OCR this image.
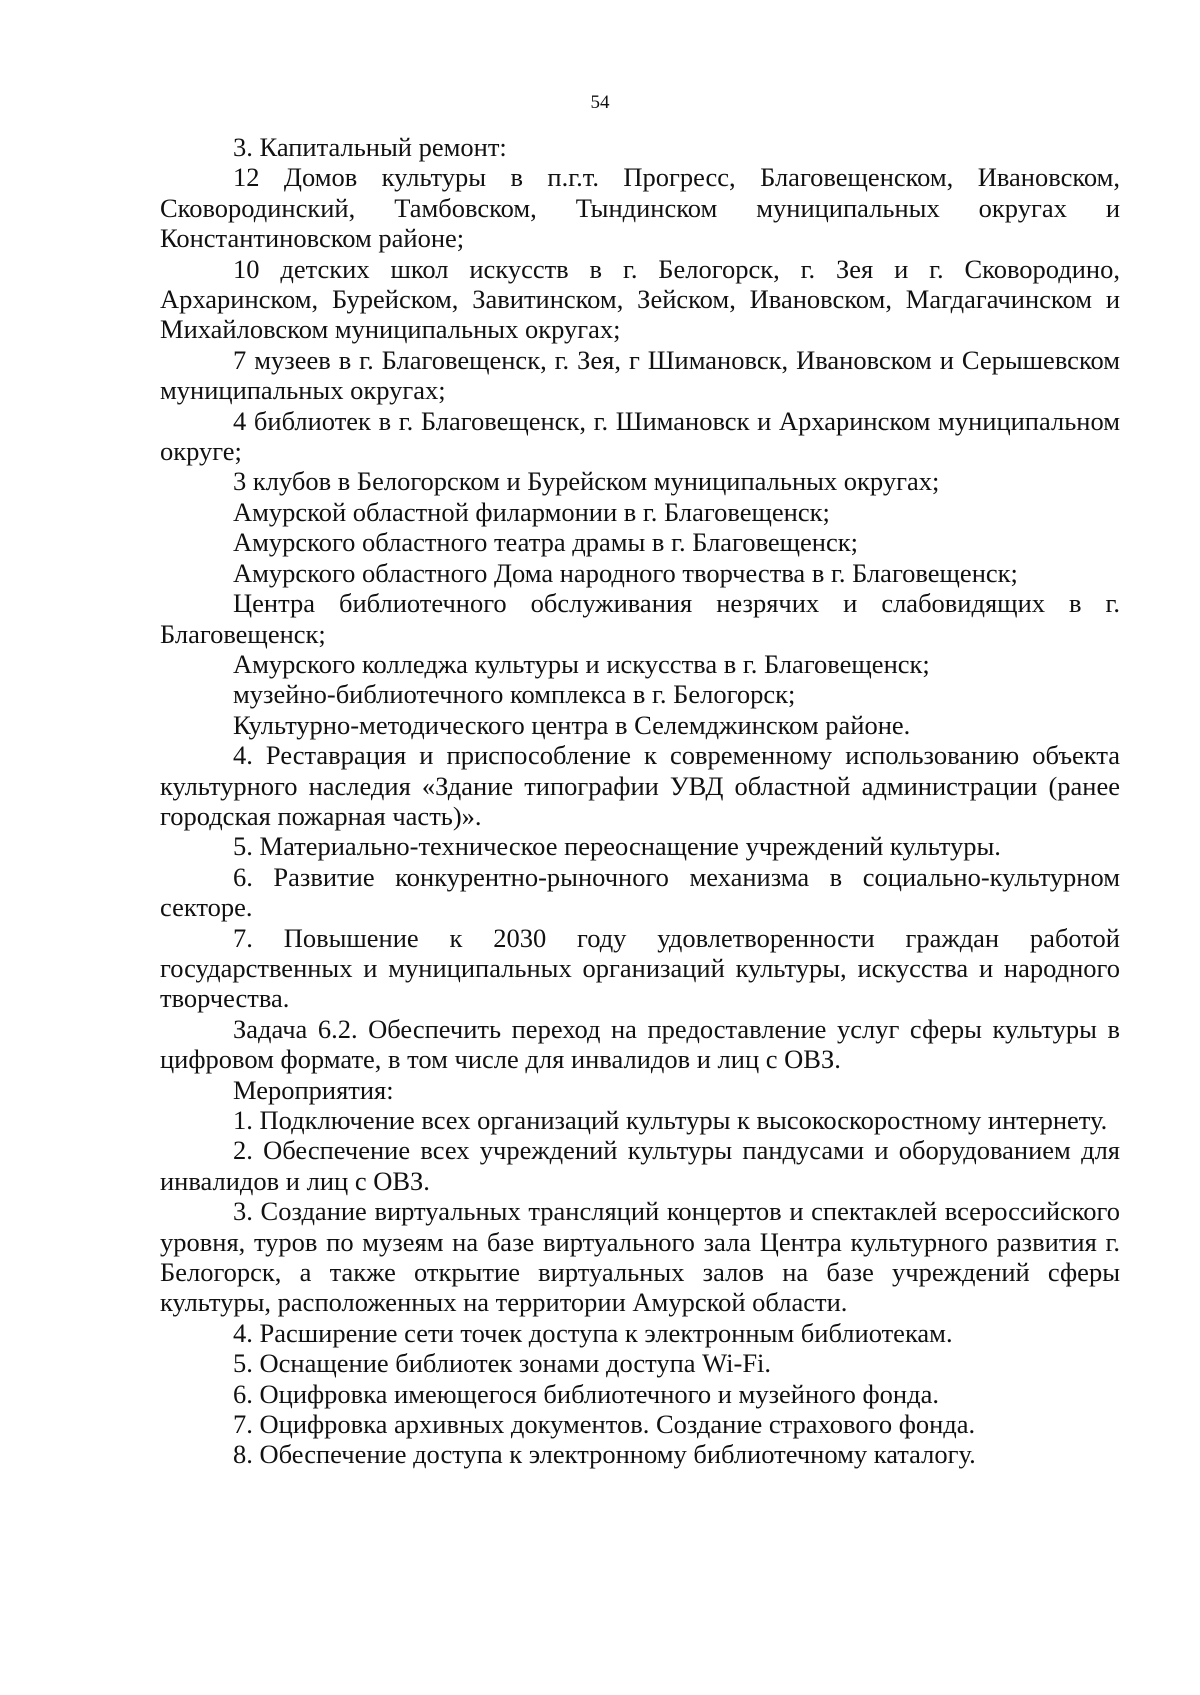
54

3. Капитальный ремонт:

12 Домов культуры в п.г.т. Прогресс, Благовещенском, Ивановском, Сковородинский, Тамбовском, Тындинском муниципальных округах и Константиновском районе;

10 детских школ искусств в г. Белогорск, г. Зея и г. Сковородино, Архаринском, Бурейском, Завитинском, Зейском, Ивановском, Магдагачинском и Михайловском муниципальных округах;

7 музеев в г. Благовещенск, г. Зея, г Шимановск, Ивановском и Серышевском муниципальных округах;

4 библиотек в г. Благовещенск, г. Шимановск и Архаринском муниципальном округе;

3 клубов в Белогорском и Бурейском муниципальных округах;

Амурской областной филармонии в г. Благовещенск;

Амурского областного театра драмы в г. Благовещенск;

Амурского областного Дома народного творчества в г. Благовещенск;

Центра библиотечного обслуживания незрячих и слабовидящих в г. Благовещенск;

Амурского колледжа культуры и искусства в г. Благовещенск;

музейно-библиотечного комплекса в г. Белогорск;

Культурно-методического центра в Селемджинском районе.

4. Реставрация и приспособление к современному использованию объекта культурного наследия «Здание типографии УВД областной администрации (ранее городская пожарная часть)».

5. Материально-техническое переоснащение учреждений культуры.

6. Развитие конкурентно-рыночного механизма в социально-культурном секторе.

7. Повышение к 2030 году удовлетворенности граждан работой государственных и муниципальных организаций культуры, искусства и народного творчества.

Задача 6.2. Обеспечить переход на предоставление услуг сферы культуры в цифровом формате, в том числе для инвалидов и лиц с ОВЗ.

Мероприятия:

1. Подключение всех организаций культуры к высокоскоростному интернету.

2. Обеспечение всех учреждений культуры пандусами и оборудованием для инвалидов и лиц с ОВЗ.

3. Создание виртуальных трансляций концертов и спектаклей всероссийского уровня, туров по музеям на базе виртуального зала Центра культурного развития г. Белогорск, а также открытие виртуальных залов на базе учреждений сферы культуры, расположенных на территории Амурской области.

4. Расширение сети точек доступа к электронным библиотекам.

5. Оснащение библиотек зонами доступа Wi-Fi.

6. Оцифровка имеющегося библиотечного и музейного фонда.

7. Оцифровка архивных документов. Создание страхового фонда.

8. Обеспечение доступа к электронному библиотечному каталогу.
